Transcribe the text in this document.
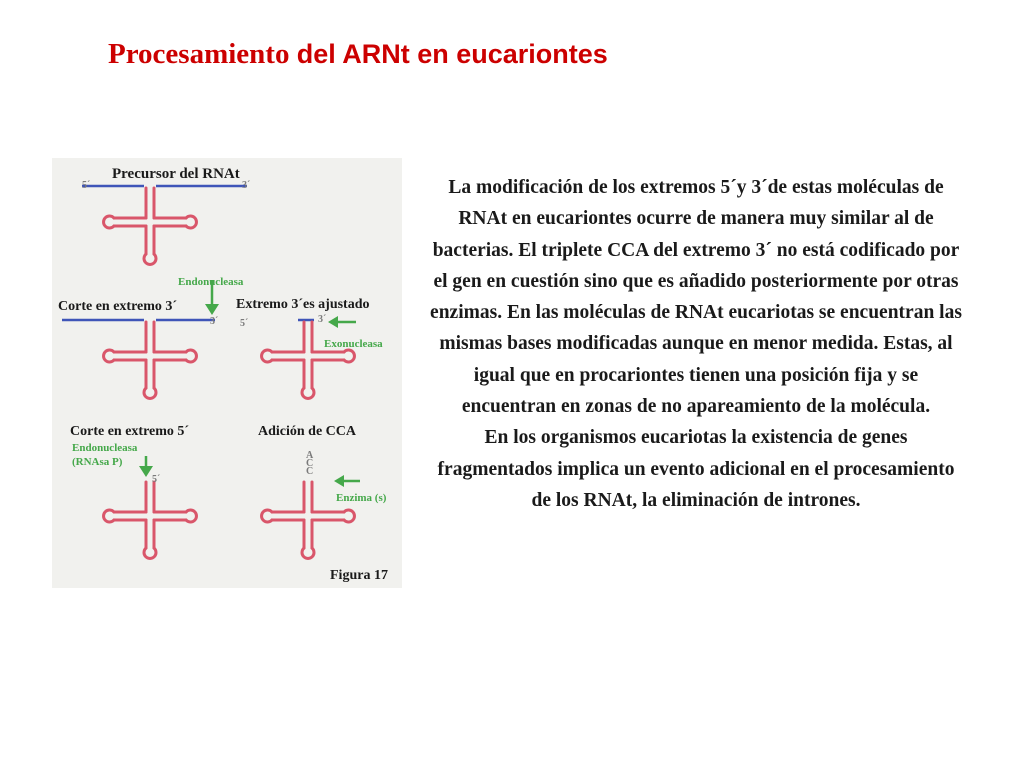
Procesamiento del ARNt en eucariontes
Precursor del RNAt
5´	3´
Endonucleasa
Corte en extremo 3´	Extremo 3´es ajustado
3´ 5´	3´
Exonucleasa
Corte en extremo 5´
Endonucleasa
(RNAsa P)
5´
Adición de CCA
A C C
Enzima (s)
Figura 17

La modificación de los extremos 5´y 3´de estas moléculas de RNAt en eucariontes ocurre de manera muy similar al de bacterias. El triplete CCA del extremo 3´ no está codificado por el gen en cuestión sino que es añadido posteriormente por otras enzimas. En las moléculas de RNAt eucariotas se encuentran las mismas bases modificadas aunque en menor medida. Estas, al igual que en procariontes tienen una posición fija y se encuentran en zonas de no apareamiento de la molécula.

En los organismos eucariotas la existencia de genes fragmentados implica un evento adicional en el procesamiento de los RNAt, la eliminación de intrones.
